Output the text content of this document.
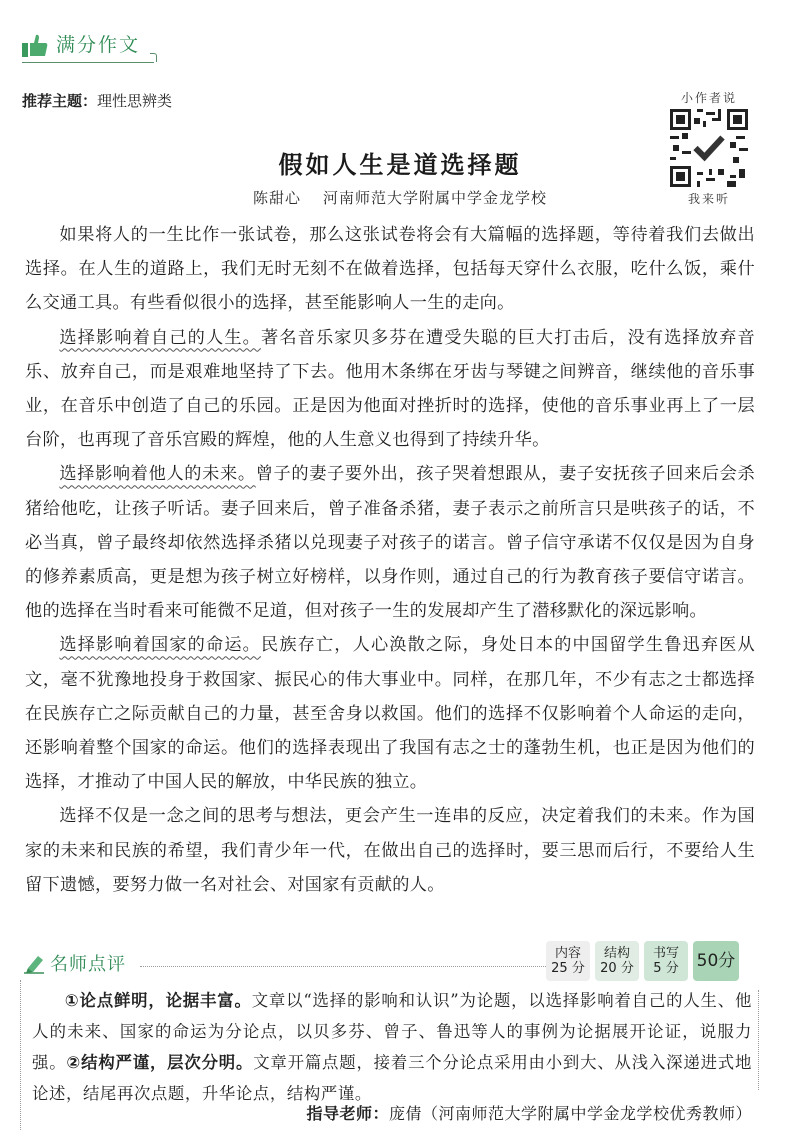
满分作文
推荐主题：理性思辨类	小作者说
我来听
假如人生是道选择题
陈甜心 河南师范大学附属中学金龙学校

如果将人的一生比作一张试卷，那么这张试卷将会有大篇幅的选择题，等待着我们去做出选择。在人生的道路上，我们无时无刻不在做着选择，包括每天穿什么衣服，吃什么饭，乘什么交通工具。有些看似很小的选择，甚至能影响人一生的走向。

选择影响着自己的人生。著名音乐家贝多芬在遭受失聪的巨大打击后，没有选择放弃音乐、放弃自己，而是艰难地坚持了下去。他用木条绑在牙齿与琴键之间辨音，继续他的音乐事业，在音乐中创造了自己的乐园。正是因为他面对挫折时的选择，使他的音乐事业再上了一层台阶，也再现了音乐宫殿的辉煌，他的人生意义也得到了持续升华。

选择影响着他人的未来。曾子的妻子要外出，孩子哭着想跟从，妻子安抚孩子回来后会杀猪给他吃，让孩子听话。妻子回来后，曾子准备杀猪，妻子表示之前所言只是哄孩子的话，不必当真，曾子最终却依然选择杀猪以兑现妻子对孩子的诺言。曾子信守承诺不仅仅是因为自身的修养素质高，更是想为孩子树立好榜样，以身作则，通过自己的行为教育孩子要信守诺言。他的选择在当时看来可能微不足道，但对孩子一生的发展却产生了潜移默化的深远影响。

选择影响着国家的命运。民族存亡，人心涣散之际，身处日本的中国留学生鲁迅弃医从文，毫不犹豫地投身于救国家、振民心的伟大事业中。同样，在那几年，不少有志之士都选择在民族存亡之际贡献自己的力量，甚至舍身以救国。他们的选择不仅影响着个人命运的走向，还影响着整个国家的命运。他们的选择表现出了我国有志之士的蓬勃生机，也正是因为他们的选择，才推动了中国人民的解放，中华民族的独立。

选择不仅是一念之间的思考与想法，更会产生一连串的反应，决定着我们的未来。作为国家的未来和民族的希望，我们青少年一代，在做出自己的选择时，要三思而后行，不要给人生留下遗憾，要努力做一名对社会、对国家有贡献的人。

名师点评
内容
25 分
结构
20 分
书写
5 分 50分

①论点鲜明，论据丰富。文章以“选择的影响和认识”为论题，以选择影响着自己的人生、他人的未来、国家的命运为分论点，以贝多芬、曾子、鲁迅等人的事例为论据展开论证，说服力强。②结构严谨，层次分明。文章开篇点题，接着三个分论点采用由小到大、从浅入深递进式地论述，结尾再次点题，升华论点，结构严谨。

指导老师：庞倩（河南师范大学附属中学金龙学校优秀教师）
